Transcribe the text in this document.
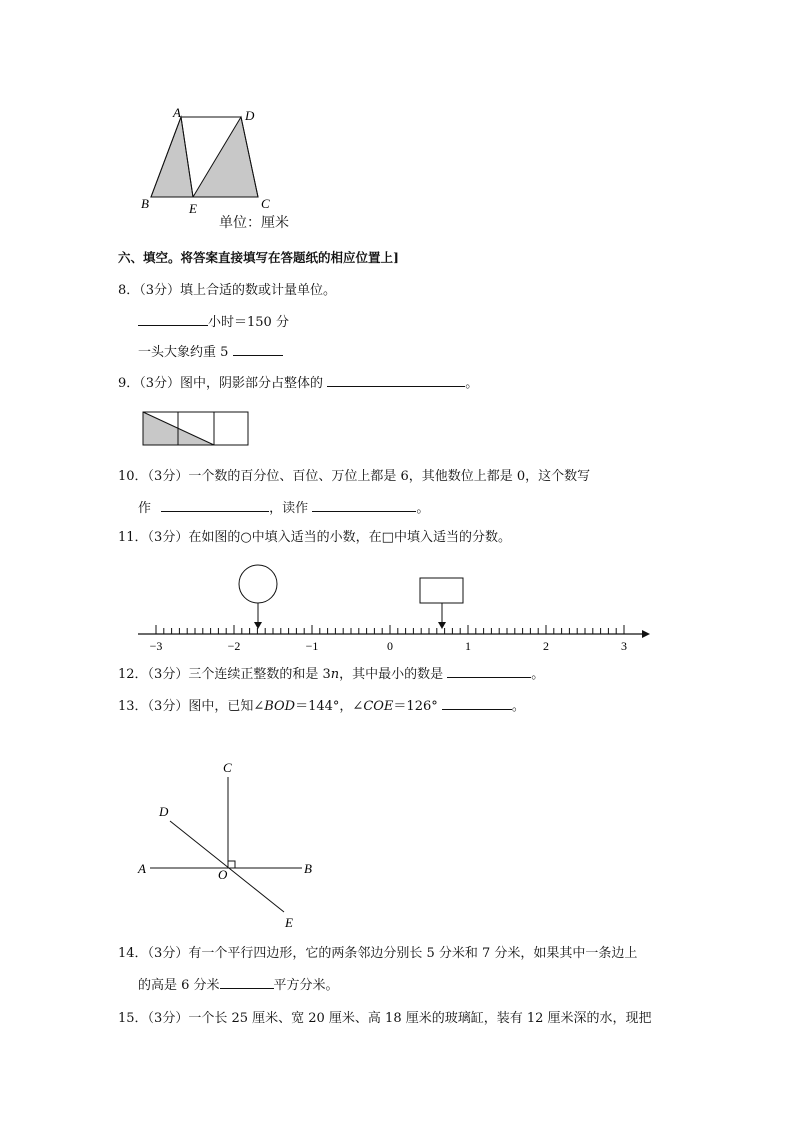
A	D
B	E	C
单位：厘米
六、填空。将答案直接填写在答题纸的相应位置上]
8．（3分）填上合适的数或计量单位。
小时＝150 分
一头大象约重 5
9．（3分）图中，阴影部分占整体的	。
10．（3分）一个数的百分位、百位、万位上都是 6，其他数位上都是 0，这个数写
作	，读作	。
11．（3分）在如图的○中填入适当的小数，在□中填入适当的分数。
−3	−2	−1	0	1	2	3
12．（3分）三个连续正整数的和是 3n，其中最小的数是	。
13．（3分）图中，已知∠BOD＝144°，∠COE＝126°	。
C
D
A	O	B
E
14．（3分）有一个平行四边形，它的两条邻边分别长 5 分米和 7 分米，如果其中一条边上
的高是 6 分米	平方分米。
15．（3分）一个长 25 厘米、宽 20 厘米、高 18 厘米的玻璃缸，装有 12 厘米深的水，现把
